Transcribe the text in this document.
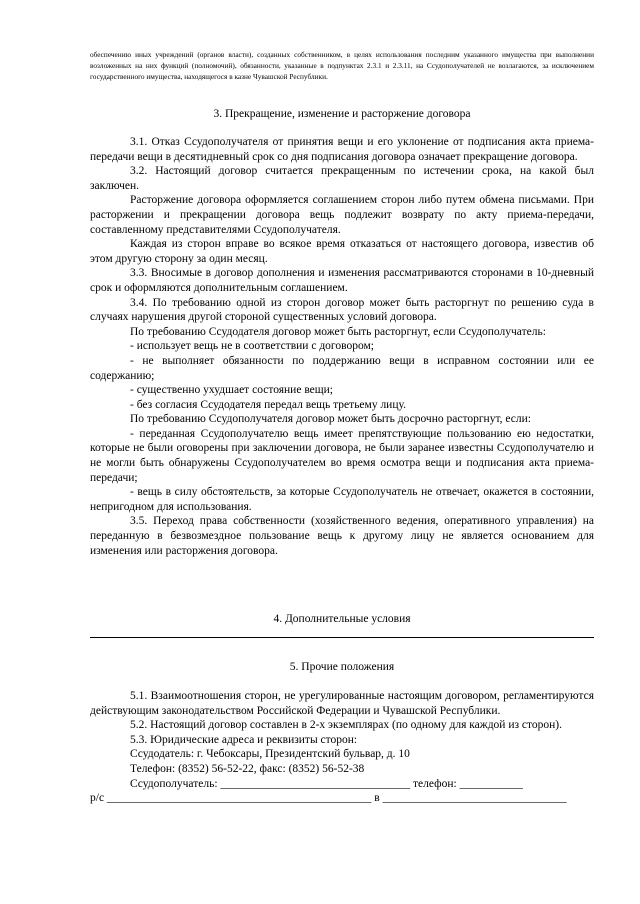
обеспечению иных учреждений (органов власти), созданных собственником, в целях использования последним указанного имущества при выполнении возложенных на них функций (полномочий), обязанности, указанные в подпунктах 2.3.1 и 2.3.11, на Ссудополучателей не возлагаются, за исключением государственного имущества, находящегося в казне Чувашской Республики.

3. Прекращение, изменение и расторжение договора

3.1. Отказ Ссудополучателя от принятия вещи и его уклонение от подписания акта приема-передачи вещи в десятидневный срок со дня подписания договора означает прекращение договора.

3.2. Настоящий договор считается прекращенным по истечении срока, на какой был заключен.

Расторжение договора оформляется соглашением сторон либо путем обмена письмами. При расторжении и прекращении договора вещь подлежит возврату по акту приема-передачи, составленному представителями Ссудополучателя.

Каждая из сторон вправе во всякое время отказаться от настоящего договора, известив об этом другую сторону за один месяц.

3.3. Вносимые в договор дополнения и изменения рассматриваются сторонами в 10-дневный срок и оформляются дополнительным соглашением.

3.4. По требованию одной из сторон договор может быть расторгнут по решению суда в случаях нарушения другой стороной существенных условий договора.

По требованию Ссудодателя договор может быть расторгнут, если Ссудополучатель:

- использует вещь не в соответствии с договором;

- не выполняет обязанности по поддержанию вещи в исправном состоянии или ее содержанию;

- существенно ухудшает состояние вещи;

- без согласия Ссудодателя передал вещь третьему лицу.

По требованию Ссудополучателя договор может быть досрочно расторгнут, если:

- переданная Ссудополучателю вещь имеет препятствующие пользованию ею недостатки, которые не были оговорены при заключении договора, не были заранее известны Ссудополучателю и не могли быть обнаружены Ссудополучателем во время осмотра вещи и подписания акта приема-передачи;

- вещь в силу обстоятельств, за которые Ссудополучатель не отвечает, окажется в состоянии, непригодном для использования.

3.5. Переход права собственности (хозяйственного ведения, оперативного управления) на переданную в безвозмездное пользование вещь к другому лицу не является основанием для изменения или расторжения договора.

4. Дополнительные условия
5. Прочие положения

5.1. Взаимоотношения сторон, не урегулированные настоящим договором, регламентируются действующим законодательством Российской Федерации и Чувашской Республики.

5.2. Настоящий договор составлен в 2-х экземплярах (по одному для каждой из сторон).

5.3. Юридические адреса и реквизиты сторон:

Ссудодатель: г. Чебоксары, Президентский бульвар, д. 10

Телефон: (8352) 56-52-22, факс: (8352) 56-52-38

Ссудополучатель: _________________________________ телефон: ___________

р/с ______________________________________________ в ________________________________
